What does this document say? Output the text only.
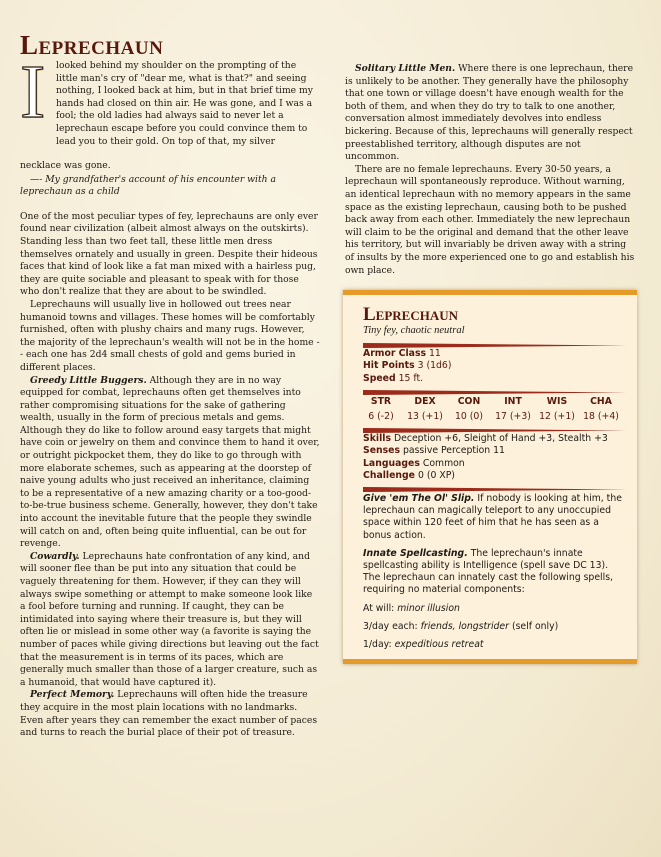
Leprechaun
I looked behind my shoulder on the prompting of the little man's cry of "dear me, what is that?" and seeing nothing, I looked back at him, but in that brief time my hands had closed on thin air. He was gone, and I was a fool; the old ladies had always said to never let a leprechaun escape before you could convince them to lead you to their gold. On top of that, my silver

necklace was gone.

—- My grandfather's account of his encounter with a leprechaun as a child

One of the most peculiar types of fey, leprechauns are only ever found near civilization (albeit almost always on the outskirts). Standing less than two feet tall, these little men dress themselves ornately and usually in green. Despite their hideous faces that kind of look like a fat man mixed with a hairless pug, they are quite sociable and pleasant to speak with for those who don't realize that they are about to be swindled.

Leprechauns will usually live in hollowed out trees near humanoid towns and villages. These homes will be comfortably furnished, often with plushy chairs and many rugs. However, the majority of the leprechaun's wealth will not be in the home -- each one has 2d4 small chests of gold and gems buried in different places.

Greedy Little Buggers. Although they are in no way equipped for combat, leprechauns often get themselves into rather compromising situations for the sake of gathering wealth, usually in the form of precious metals and gems. Although they do like to follow around easy targets that might have coin or jewelry on them and convince them to hand it over, or outright pickpocket them, they do like to go through with more elaborate schemes, such as appearing at the doorstep of naive young adults who just received an inheritance, claiming to be a representative of a new amazing charity or a too-good-to-be-true business scheme. Generally, however, they don't take into account the inevitable future that the people they swindle will catch on and, often being quite influential, can be out for revenge.

Cowardly. Leprechauns hate confrontation of any kind, and will sooner flee than be put into any situation that could be vaguely threatening for them. However, if they can they will always swipe something or attempt to make someone look like a fool before turning and running. If caught, they can be intimidated into saying where their treasure is, but they will often lie or mislead in some other way (a favorite is saying the number of paces while giving directions but leaving out the fact that the measurement is in terms of its paces, which are generally much smaller than those of a larger creature, such as a humanoid, that would have captured it).

Perfect Memory. Leprechauns will often hide the treasure they acquire in the most plain locations with no landmarks. Even after years they can remember the exact number of paces and turns to reach the burial place of their pot of treasure.

Solitary Little Men. Where there is one leprechaun, there is unlikely to be another. They generally have the philosophy that one town or village doesn't have enough wealth for the both of them, and when they do try to talk to one another, conversation almost immediately devolves into endless bickering. Because of this, leprechauns will generally respect preestablished territory, although disputes are not uncommon.

There are no female leprechauns. Every 30-50 years, a leprechaun will spontaneously reproduce. Without warning, an identical leprechaun with no memory appears in the same space as the existing leprechaun, causing both to be pushed back away from each other. Immediately the new leprechaun will claim to be the original and demand that the other leave his territory, but will invariably be driven away with a string of insults by the more experienced one to go and establish his own place.

Leprechaun
Tiny fey, chaotic neutral
Armor Class 11
Hit Points 3 (1d6)
Speed 15 ft.
STR
6 (-2)
DEX
13 (+1)
CON
10 (0)
INT
17 (+3)
WIS
12 (+1)
CHA
18 (+4)
Skills Deception +6, Sleight of Hand +3, Stealth +3
Senses passive Perception 11
Languages Common
Challenge 0 (0 XP)
Give 'em The Ol' Slip. If nobody is looking at him, the leprechaun can magically teleport to any unoccupied space within 120 feet of him that he has seen as a bonus action.
Innate Spellcasting. The leprechaun's innate spellcasting ability is Intelligence (spell save DC 13). The leprechaun can innately cast the following spells, requiring no material components:
At will: minor illusion
3/day each: friends, longstrider (self only)
1/day: expeditious retreat
